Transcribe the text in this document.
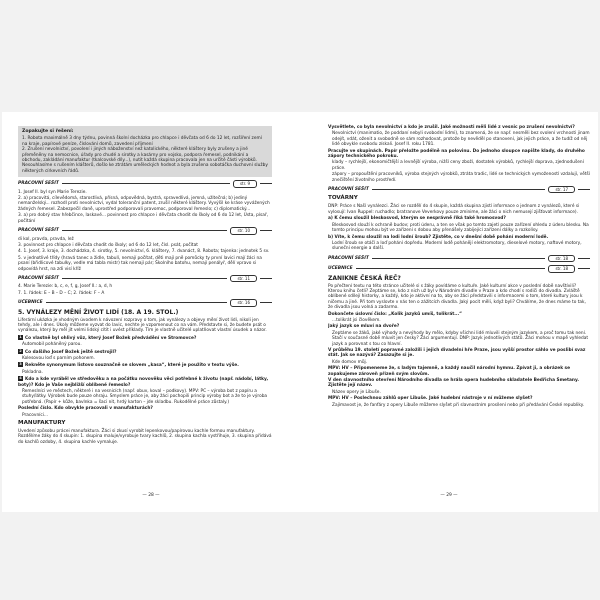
Zopakujte si řešení:

1. Robota maximálně 3 dny týdnu, povinná školní docházka pro chlapce i děvčata od 6 do 12 let, rozšíření zemí na kraje, papírové peníze, číslování domů, zavedení příjmení

2. Zrušení nevolnictví, povolení i jiných náboženství než katolického, některé kláštery byly zrušeny a jiné přeměněny na nemocnice, úřady pro chudé a sirotky a kasárny pro vojsko, podpora řemesel, podnikání a obchodu, zakládání manufaktur (tkalcovské díly...), nutit každá skupina pracovala jen na určité části výrobků. Nesouhlasíme s rušením klášterů, došlo ke ztrátám uměleckých hodnot a byla zrušena sobotáčka duchovní služby některých církevních řádů.

PRACOVNÍ SEŠIT	str. 9

1. Josef II. byl syn Marie Terezie.

2. a) pracovitá, cílevědomá, starostlivá, přísná, odpovědná, bystrá, spravedlivá, jemná, užitečná; b) jediný nemanželský... rozhodl proti nevolnictví, vydal toleranční patent, zrušil některé kláštery. Vyvýšil ke kráse vyvážených žádných řemesel. Zabezpečil daně, uprostřed podporovali pravomoc, podporoval řemeslo; c) diplomatický...

3. a) pro dobrý stav hřebčince, laskavé... povinnost pro chlapce i děvčata chodit do školy od 6 do 12 let, Ústa, písař, počítání

PRACOVNÍ SEŠIT	str. 10

di kol, pravda, pravda, lež

3. povinnost pro chlapce i děvčata chodit do školy; od 6 do 12 let, čísl. psát, počítat

4. 1. Josef, 3. kraje, 3. dochádzka, 4. sirotky, 5. nevolnictví, 6. kláštery, 7. dvanáct, 8. Robota; tajenka: jednotek 5 sv.

5. v jednotlivé třídy (hravá tanec a židle, tabulí, nemají počítat, děti mají pně pomůcky ty první lavici mají žáci na psaní (břidlicové tabulky, vedle má tabla mistr) tak nemají pár; Školního batohu, nemají penályř, dělí vpravo si odpovídá hrst, na zdi visí kříž

PRACOVNÍ SEŠIT	str. 11

4. Marie Terezie: b, c, e, f, g, Josef II.: a, d, h

7. 1. řádek: E – B – D – C; 2. řádek: F – A

UČEBNICE	str. 16
5. VYNÁLEZY MĚNÍ ŽIVOT LIDÍ (18. A 19. STOL.)

Liferární ukázka je vhodným úvodem k návození rozpravy o tom, jak vynálezy a objevy mění život lidí, nikoli jen tehdy, ale i dnes. Úkoly můžeme vyzvat do lavic, nechte je vzpomenout co na vám. Představte si, že budete psát o vynálezu, který by měl jít velmi lidský cítit i uvést příklady. Tím je vlastně učitelé uplatňovat vlastní úsudek a názor.

1 Co vlastně byl ohlivý vůz, který Josef Božek předvádění ve Stromovce?
Automobil poháněný parou.
2 Co dalšího Josef Božek ještě sestrojil?
Kolesovou loď s parním pohonem.
3 Rekněte synonymum listovo souznačně se slovem „kasa“, které je použito v textu výše.
Pokladna.
4 Kdo a kde vyráběl ve středověku a na počátku novověku věci potřebné k životu (např. nádobí, látky, boty)? Kdo je Vaše nejbližší oblíbené řemeslo?
Řemeslníci ve městech, některé i na vesnicích (např. obuv, koval – podkovy). MPV: PC – výroba bot z papíru a stuhy/látky. Výrobek bude pouze ohraju. Smyslem práce je, aby žáci pochopili princip výroby bot a že to je výroba potřebná. (Papír + kůže, bavlnka = šaci nit, hrdý karton – jde skladbu. Rukodělné práce zůstaly.)
Poslední číslo. Kdo obvykle pracovali v manufakturách?
Pracovníci...
MANUFAKTURY

Uvedení způsobu prácei manufaktura. Žáci si zkusí vyrobit lepenkovou/papírovou kachle formou manufaktury. Rozdělíme žáky do 4 skupin: 1. skupina maluje/vyrobuje tvary kachlů, 2. skupina kachla vystřihuje, 3. skupina přidává do kachlů ozdoby, 4. skupina kachle vymaluje.

— 28 —
Vysvětlete, co byla nevolnictví a kdo je zrušil. Jaké možnosti měli lidé z vesnic po zrušení nevolnictví?
Nevolnictví (manimatio, že poddaní nebyli svobodní lidmi), to znamená, že se např. nesměli bez svolení vrchnosti jinam odejít, vdát, oženit a svobodně se sám rozhodovat, protože by nevěděl po stanovení, jak jejich práce, a že tudíž od něj lidé obvykle svobodu získali. Josef II. roku 1781.
Pracujte ve skupinách. Papír přeložte podélně na polovinu. Do jednoho sloupce napište klady, do druhého zápory technického pokroku.
klady – rychlejší, ekonomičtější a levnější výroba, nižší ceny zboží, dostatek výrobků, rychlejší doprava, zjednodušení práce.
zápory – propouštění pracovníků, výroba stejných výrobků, ztráta tradic, lidé se technických vymožeností vzdalují, větší znečištění životního prostředí.
PRACOVNÍ SEŠIT	str. 17
TOVÁRNY

DNP: Práce s Naší vynálezci. Žáci se rozdělí do 4 skupin, každá skupina zjistí informace o jednom z vynálezů, které si vylosují: Ivan Ruppel: ruchadlo; bratranove Veverkovy pouze zminime, ale žáci o nich nemusejí zjišťovat informace).

a) K čemu sloužil bleskosvod, kterým se nesprávně říká také hromosvod?
Bleskosvod slouží k ochraně budov; proti úderu, a ten se však po tomto zajetí pouze zařízení ohledu z úderu blesku. Na tomto principu mohou být ve zařízení s dobou aby přenášely zabíjející zařízení dálky a rozkolísy.
b) Víte, k čemu sloužil na lodi lodní šroub? Zjistěte, co v dnešní době pohání moderní lodě.
Lodní šroub se otáčí a loď pohání dopředu. Moderní lodě pohánějí elektromotory, dieselové motory, naftové motory, sluneční energie a další.
PRACOVNÍ SEŠIT	str. 18
UČEBNICE	str. 18
ZANIKNE ČESKÁ ŘEČ?

Po přečtení textu na této stránce učitelé si s žáky povídáme o kultuře. Jaké kulturní akce v poslední době navštívili? Kterou knihu četli? Zeptáme se, kdo z nich už byl v Národním divadle v Praze a kdo chodí s rodiči do divadla. Zvláště oblíbené sdílejí historky, a každý, kdo je aktivní na to, aby se žáci představili s informacemi o tom, které kultury jsou k ničemu a jiné. Při tom vyslovte v nás ten o zážitcích divadla. Jaký pocit měli, když byli? Chválíme, že dnes máme to tak, že divadla jsou volná a zadarmo.

Dokončete úslovní číslo: „Kolik jazyků umíš, tolikrát...“
...tolikrát jsi člověkem.
Jaký jazyk se mluví na dvoře?
Zeptáme se žáků, jaké výhody a nevýhody by mělo, kdyby všichni lidé mluvili stejným jazykem, a proč tomu tak není. Stačí v současné době mluvit jen česky? Žáci argumentují. DNP: Jazyk jednotlivých států. Žáci mohou v mapě vyhledat jazyk a porovnat s tou co hlavní.
V průběhu 19. století popravné založili i jejich divadelní hře Praze, jsou vyšší prostor sáhlo ve poslibí svaz stát. Jak se nazývá? Zasazujte si je.
Kde domov můj.
MPV: HV – Připomeneme že, s ladým tajemně, a každý naučil národní hymnu. Zpívat ji, a obrázek se zopakujeme zároveň přízeň svým slovům.
V den slavnostního otevření Národního divadla se hrála opera hudebního skladatele Bedřicha Smetany. Zjistěte její název.
Název opery je Libuše.
MPV: HV – Poslechnou záhlů oper Libuše. Jaké hudební nástroje v ní můžeme slyšet?
Zajímavost je, že fanfáry z opery Libuše můžeme slyšet při slavnostním prosílení nebo při předávání České republiky.
— 29 —
